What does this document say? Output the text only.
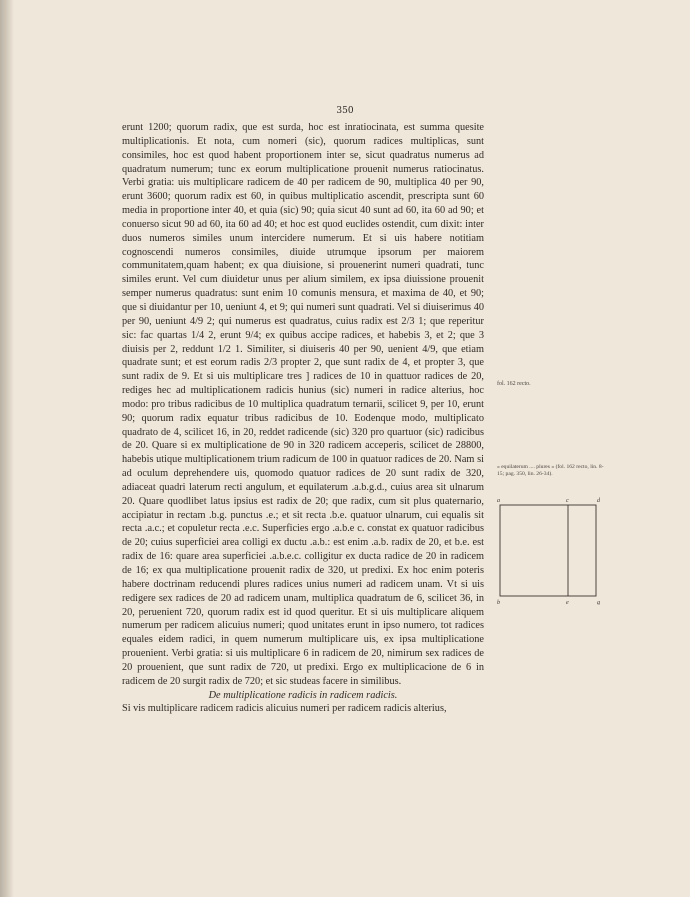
350

erunt 1200; quorum radix, que est surda, hoc est inratiocinata, est summa quesite multiplicationis. Et nota, cum nomeri (sic), quorum radices multiplicas, sunt consimiles, hoc est quod habent proportionem inter se, sicut quadratus numerus ad quadratum numerum; tunc ex eorum multiplicatione prouenit numerus ratiocinatus. Verbi gratia: uis multiplicare radicem de 40 per radicem de 90, multiplica 40 per 90, erunt 3600; quorum radix est 60, in quibus multiplicatio ascendit, prescripta sunt 60 media in proportione inter 40, et quia (sic) 90; quia sicut 40 sunt ad 60, ita 60 ad 90; et conuerso sicut 90 ad 60, ita 60 ad 40; et hoc est quod euclides ostendit, cum dixit: inter duos numeros similes unum intercidere numerum. Et si uis habere notitiam cognoscendi numeros consimiles, diuide utrumque ipsorum per maiorem communitatem,quam habent; ex qua diuisione, si prouenerint numeri quadrati, tunc similes erunt. Vel cum diuidetur unus per alium similem, ex ipsa diuissione prouenit semper numerus quadratus: sunt enim 10 comunis mensura, et maxima de 40, et 90; que si diuidantur per 10, ueniunt 4, et 9; qui numeri sunt quadrati. Vel si diuiserimus 40 per 90, ueniunt 4/9 2; qui numerus est quadratus, cuius radix est 2/3 1; que reperitur sic: fac quartas 1/4 2, erunt 9/4; ex quibus accipe radices, et habebis 3, et 2; que 3 diuisis per 2, reddunt 1/2 1. Similiter, si diuiseris 40 per 90, uenient 4/9, que etiam quadrate sunt; et est eorum radis 2/3 propter 2, que sunt radix de 4, et propter 3, que sunt radix de 9. Et si uis multiplicare tres ] radices de 10 in quattuor radices de 20, rediges hec ad multiplicationem radicis hunius (sic) numeri in radice alterius, hoc modo: pro tribus radicibus de 10 multiplica quadratum ternarii, scilicet 9, per 10, erunt 90; quorum radix equatur tribus radicibus de 10. Eodenque modo, multiplicato quadrato de 4, scilicet 16, in 20, reddet radicende (sic) 320 pro quartuor (sic) radicibus de 20. Quare si ex multiplicatione de 90 in 320 radicem acceperis, scilicet de 28800, habebis utique multiplicationem trium radicum de 100 in quatuor radices de 20. Nam si ad oculum deprehendere uis, quomodo quatuor radices de 20 sunt radix de 320, adiaceat quadri laterum recti angulum, et equilaterum .a.b.g.d., cuius area sit ulnarum 20. Quare quodlibet latus ipsius est radix de 20; que radix, cum sit plus quaternario, accipiatur in rectam .b.g. punctus .e.; et sit recta .b.e. quatuor ulnarum, cui equalis sit recta .a.c.; et copuletur recta .e.c. Superficies ergo .a.b.e c. constat ex quatuor radicibus de 20; cuius superficiei area colligi ex ductu .a.b.: est enim .a.b. radix de 20, et b.e. est radix de 16: quare area superficiei .a.b.e.c. colligitur ex ducta radice de 20 in radicem de 16; ex qua multiplicatione prouenit radix de 320, ut predixi. Ex hoc enim poteris habere doctrinam reducendi plures radices unius numeri ad radicem unam. Vt si uis redigere sex radices de 20 ad radicem unam, multiplica quadratum de 6, scilicet 36, in 20, peruenient 720, quorum radix est id quod queritur. Et si uis multiplicare aliquem numerum per radicem alicuius numeri; quod unitates erunt in ipso numero, tot radices equales eidem radici, in quem numerum multiplicare uis, ex ipsa multiplicatione prouenient. Verbi gratia: si uis multiplicare 6 in radicem de 20, nimirum sex radices de 20 prouenient, que sunt radix de 720, ut predixi. Ergo ex multiplicacione de 6 in radicem de 20 surgit radix de 720; et sic studeas facere in similibus.

De multiplicatione radicis in radicem radicis.

Si vis multiplicare radicem radicis alicuius numeri per radicem radicis alterius,

fol. 162 recto.
« equilaterum .... plures » (fol. 162 recto, lin. 8-15; pag. 350, lin. 26-34).
a	c	d
b	e	g
